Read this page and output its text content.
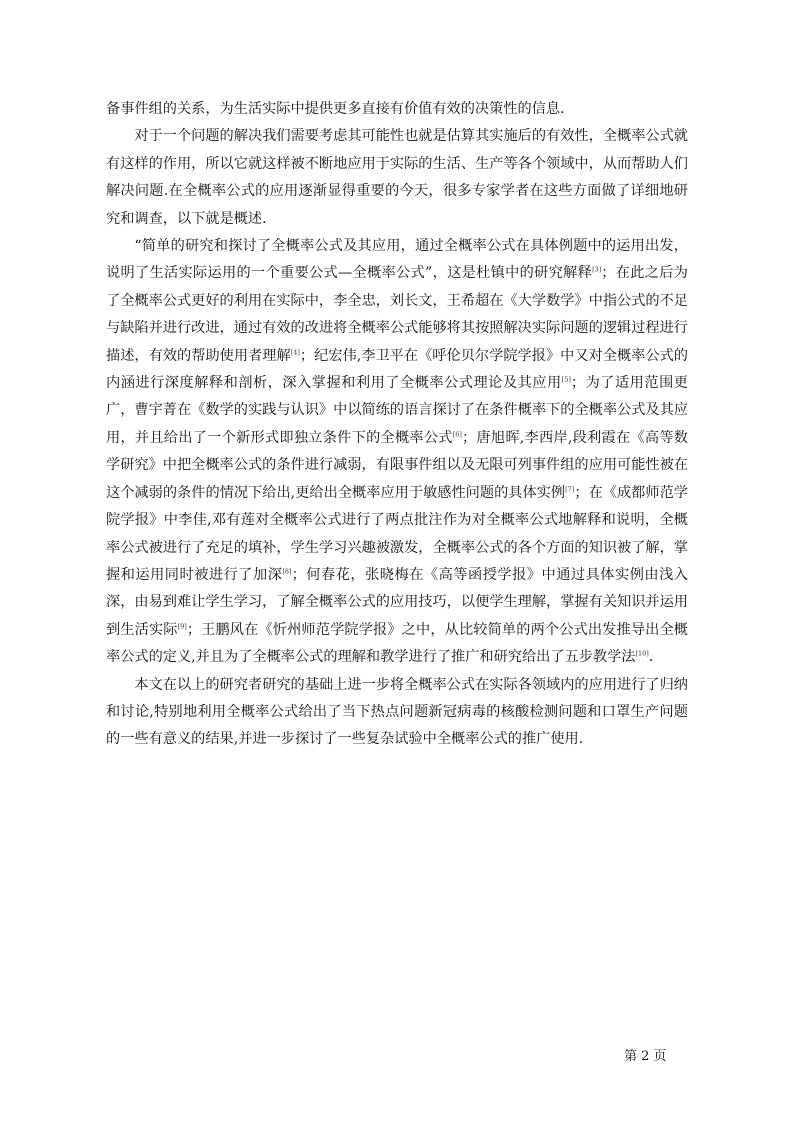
备事件组的关系，为生活实际中提供更多直接有价值有效的决策性的信息.

对于一个问题的解决我们需要考虑其可能性也就是估算其实施后的有效性，全概率公式就有这样的作用，所以它就这样被不断地应用于实际的生活、生产等各个领域中，从而帮助人们解决问题.在全概率公式的应用逐渐显得重要的今天，很多专家学者在这些方面做了详细地研究和调查，以下就是概述.

“简单的研究和探讨了全概率公式及其应用，通过全概率公式在具体例题中的运用出发，说明了生活实际运用的一个重要公式—全概率公式”，这是杜镇中的研究解释[3]；在此之后为了全概率公式更好的利用在实际中，李全忠，刘长文，王希超在《大学数学》中指公式的不足与缺陷并进行改进，通过有效的改进将全概率公式能够将其按照解决实际问题的逻辑过程进行描述，有效的帮助使用者理解[4]；纪宏伟,李卫平在《呼伦贝尔学院学报》中又对全概率公式的内涵进行深度解释和剖析，深入掌握和利用了全概率公式理论及其应用[5]；为了适用范围更广，曹宇菁在《数学的实践与认识》中以简练的语言探讨了在条件概率下的全概率公式及其应用，并且给出了一个新形式即独立条件下的全概率公式[6]；唐旭晖,李西岸,段利霞在《高等数学研究》中把全概率公式的条件进行减弱，有限事件组以及无限可列事件组的应用可能性被在这个减弱的条件的情况下给出,更给出全概率应用于敏感性问题的具体实例[7]；在《成都师范学院学报》中李佳,邓有莲对全概率公式进行了两点批注作为对全概率公式地解释和说明，全概率公式被进行了充足的填补，学生学习兴趣被激发，全概率公式的各个方面的知识被了解，掌握和运用同时被进行了加深[8]；何春花，张晓梅在《高等函授学报》中通过具体实例由浅入深，由易到难让学生学习，了解全概率公式的应用技巧，以便学生理解，掌握有关知识并运用到生活实际[9]；王鹏风在《忻州师范学院学报》之中，从比较简单的两个公式出发推导出全概率公式的定义,并且为了全概率公式的理解和教学进行了推广和研究给出了五步教学法[10].

本文在以上的研究者研究的基础上进一步将全概率公式在实际各领域内的应用进行了归纳和讨论,特别地利用全概率公式给出了当下热点问题新冠病毒的核酸检测问题和口罩生产问题的一些有意义的结果,并进一步探讨了一些复杂试验中全概率公式的推广使用.

第 2 页
